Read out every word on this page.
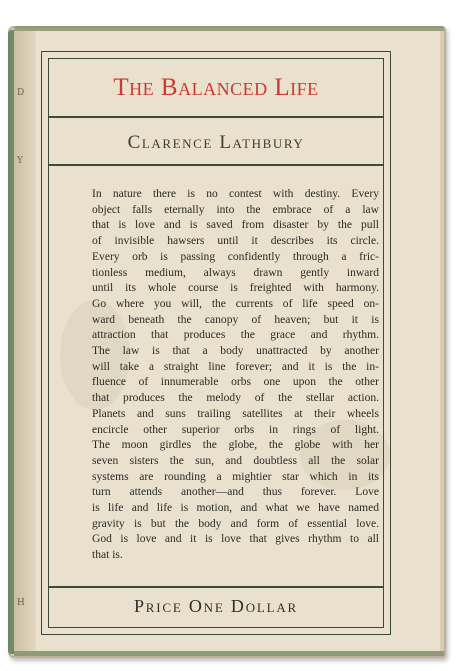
D
Y
H
The Balanced Life
Clarence Lathbury
In nature there is no contest with destiny. Every
object falls eternally into the embrace of a law
that is love and is saved from disaster by the pull
of invisible hawsers until it describes its circle.
Every orb is passing confidently through a fric-
tionless medium, always drawn gently inward
until its whole course is freighted with harmony.
Go where you will, the currents of life speed on-
ward beneath the canopy of heaven; but it is
attraction that produces the grace and rhythm.
The law is that a body unattracted by another
will take a straight line forever; and it is the in-
fluence of innumerable orbs one upon the other
that produces the melody of the stellar action.
Planets and suns trailing satellites at their wheels
encircle other superior orbs in rings of light.
The moon girdles the globe, the globe with her
seven sisters the sun, and doubtless all the solar
systems are rounding a mightier star which in its
turn attends another—and thus forever. Love
is life and life is motion, and what we have named
gravity is but the body and form of essential love.
God is love and it is love that gives rhythm to all
that is.
Price One Dollar
